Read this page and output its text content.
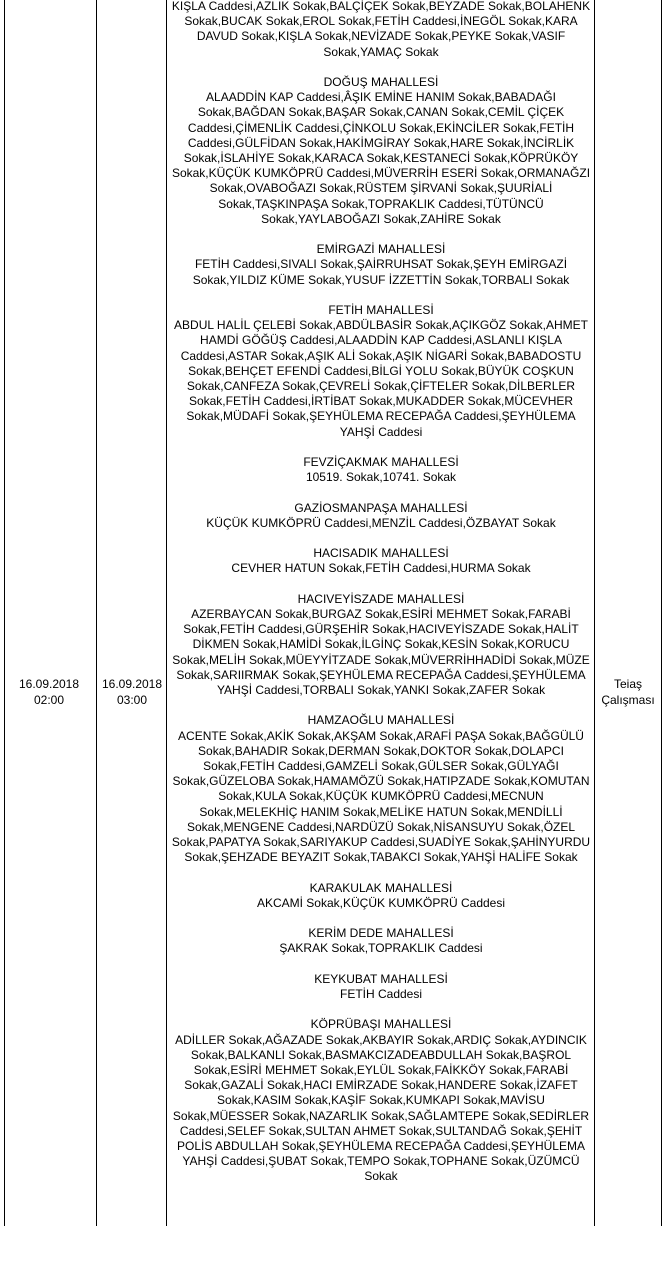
16.09.2018
02:00
16.09.2018
03:00
Teiaş
Çalışması

KIŞLA Caddesi,AZLIK Sokak,BALÇİÇEK Sokak,BEYZADE Sokak,BOLAHENK Sokak,BUCAK Sokak,EROL Sokak,FETİH Caddesi,İNEGÖL Sokak,KARA DAVUD Sokak,KIŞLA Sokak,NEVİZADE Sokak,PEYKE Sokak,VASIF Sokak,YAMAÇ Sokak

DOĞUŞ MAHALLESİ

ALAADDİN KAP Caddesi,ÂŞIK EMİNE HANIM Sokak,BABADAĞI Sokak,BAĞDAN Sokak,BAŞAR Sokak,CANAN Sokak,CEMİL ÇİÇEK Caddesi,ÇİMENLİK Caddesi,ÇİNKOLU Sokak,EKİNCİLER Sokak,FETİH Caddesi,GÜLFİDAN Sokak,HAKİMGİRAY Sokak,HARE Sokak,İNCİRLİK Sokak,İSLAHİYE Sokak,KARACA Sokak,KESTANECİ Sokak,KÖPRÜKÖY Sokak,KÜÇÜK KUMKÖPRÜ Caddesi,MÜVERRİH ESERİ Sokak,ORMANAĞZI Sokak,OVABOĞAZI Sokak,RÜSTEM ŞİRVANİ Sokak,ŞUURİALİ Sokak,TAŞKINPAŞA Sokak,TOPRAKLIK Caddesi,TÜTÜNCÜ Sokak,YAYLABOĞAZI Sokak,ZAHİRE Sokak

EMİRGAZİ MAHALLESİ

FETİH Caddesi,SIVALI Sokak,ŞAİRRUHSAT Sokak,ŞEYH EMİRGAZİ Sokak,YILDIZ KÜME Sokak,YUSUF İZZETTİN Sokak,TORBALI Sokak

FETİH MAHALLESİ

ABDUL HALİL ÇELEBİ Sokak,ABDÜLBASİR Sokak,AÇIKGÖZ Sokak,AHMET HAMDİ GÖĞÜŞ Caddesi,ALAADDİN KAP Caddesi,ASLANLI KIŞLA Caddesi,ASTAR Sokak,AŞIK ALİ Sokak,AŞIK NİGARİ Sokak,BABADOSTU Sokak,BEHÇET EFENDİ Caddesi,BİLGİ YOLU Sokak,BÜYÜK COŞKUN Sokak,CANFEZA Sokak,ÇEVRELİ Sokak,ÇİFTELER Sokak,DİLBERLER Sokak,FETİH Caddesi,İRTİBAT Sokak,MUKADDER Sokak,MÜCEVHER Sokak,MÜDAFİ Sokak,ŞEYHÜLEMA RECEPAĞA Caddesi,ŞEYHÜLEMA YAHŞİ Caddesi

FEVZİÇAKMAK MAHALLESİ

10519. Sokak,10741. Sokak

GAZİOSMANPAŞA MAHALLESİ

KÜÇÜK KUMKÖPRÜ Caddesi,MENZİL Caddesi,ÖZBAYAT Sokak

HACISADIK MAHALLESİ

CEVHER HATUN Sokak,FETİH Caddesi,HURMA Sokak

HACIVEYİSZADE MAHALLESİ

AZERBAYCAN Sokak,BURGAZ Sokak,ESİRİ MEHMET Sokak,FARABİ Sokak,FETİH Caddesi,GÜRŞEHİR Sokak,HACIVEYİSZADE Sokak,HALİT DİKMEN Sokak,HAMİDİ Sokak,İLGİNÇ Sokak,KESİN Sokak,KORUCU Sokak,MELİH Sokak,MÜEYYİTZADE Sokak,MÜVERRİHHADİDİ Sokak,MÜZE Sokak,SARIIRMAK Sokak,ŞEYHÜLEMA RECEPAĞA Caddesi,ŞEYHÜLEMA YAHŞİ Caddesi,TORBALI Sokak,YANKI Sokak,ZAFER Sokak

HAMZAOĞLU MAHALLESİ

ACENTE Sokak,AKİK Sokak,AKŞAM Sokak,ARAFİ PAŞA Sokak,BAĞGÜLÜ Sokak,BAHADIR Sokak,DERMAN Sokak,DOKTOR Sokak,DOLAPCI Sokak,FETİH Caddesi,GAMZELİ Sokak,GÜLSER Sokak,GÜLYAĞI Sokak,GÜZELOBA Sokak,HAMAMÖZÜ Sokak,HATIPZADE Sokak,KOMUTAN Sokak,KULA Sokak,KÜÇÜK KUMKÖPRÜ Caddesi,MECNUN Sokak,MELEKHİÇ HANIM Sokak,MELİKE HATUN Sokak,MENDİLLİ Sokak,MENGENE Caddesi,NARDÜZÜ Sokak,NİSANSUYU Sokak,ÖZEL Sokak,PAPATYA Sokak,SARIYAKUP Caddesi,SUADİYE Sokak,ŞAHİNYURDU Sokak,ŞEHZADE BEYAZIT Sokak,TABAKCI Sokak,YAHŞİ HALİFE Sokak

KARAKULAK MAHALLESİ

AKCAMİ Sokak,KÜÇÜK KUMKÖPRÜ Caddesi

KERİM DEDE MAHALLESİ

ŞAKRAK Sokak,TOPRAKLIK Caddesi

KEYKUBAT MAHALLESİ

FETİH Caddesi

KÖPRÜBAŞI MAHALLESİ

ADİLLER Sokak,AĞAZADE Sokak,AKBAYIR Sokak,ARDIÇ Sokak,AYDINCIK Sokak,BALKANLI Sokak,BASMAKCIZADEABDULLAH Sokak,BAŞROL Sokak,ESİRİ MEHMET Sokak,EYLÜL Sokak,FAİKKÖY Sokak,FARABİ Sokak,GAZALİ Sokak,HACI EMİRZADE Sokak,HANDERE Sokak,İZAFET Sokak,KASIM Sokak,KAŞİF Sokak,KUMKAPI Sokak,MAVİSU Sokak,MÜESSER Sokak,NAZARLIK Sokak,SAĞLAMTEPE Sokak,SEDİRLER Caddesi,SELEF Sokak,SULTAN AHMET Sokak,SULTANDAĞ Sokak,ŞEHİT POLİS ABDULLAH Sokak,ŞEYHÜLEMA RECEPAĞA Caddesi,ŞEYHÜLEMA YAHŞİ Caddesi,ŞUBAT Sokak,TEMPO Sokak,TOPHANE Sokak,ÜZÜMCÜ Sokak
